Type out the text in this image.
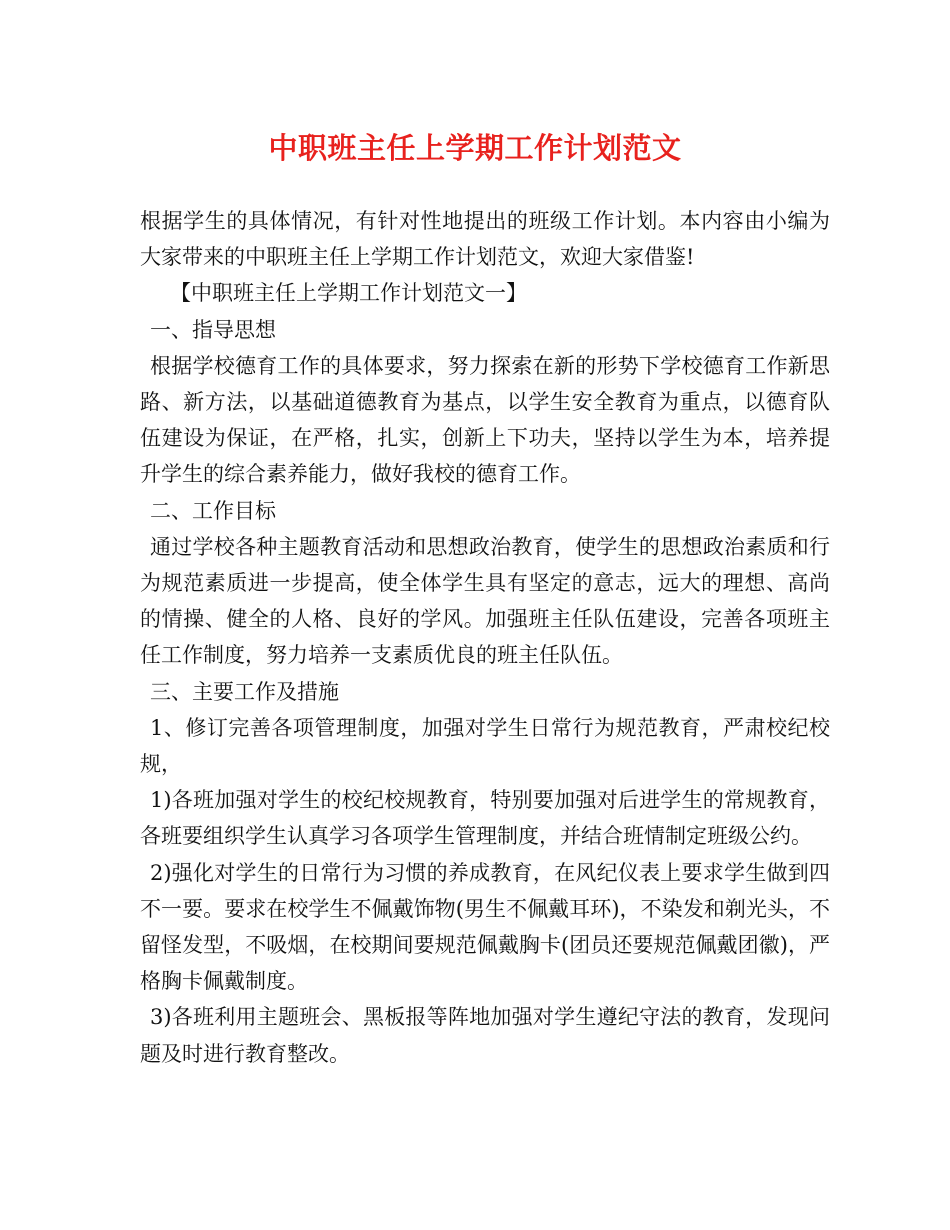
中职班主任上学期工作计划范文

根据学生的具体情况，有针对性地提出的班级工作计划。本内容由小编为大家带来的中职班主任上学期工作计划范文，欢迎大家借鉴!

【中职班主任上学期工作计划范文一】

一、指导思想

根据学校德育工作的具体要求，努力探索在新的形势下学校德育工作新思路、新方法，以基础道德教育为基点，以学生安全教育为重点，以德育队伍建设为保证，在严格，扎实，创新上下功夫，坚持以学生为本，培养提升学生的综合素养能力，做好我校的德育工作。

二、工作目标

通过学校各种主题教育活动和思想政治教育，使学生的思想政治素质和行为规范素质进一步提高，使全体学生具有坚定的意志，远大的理想、高尚的情操、健全的人格、良好的学风。加强班主任队伍建设，完善各项班主任工作制度，努力培养一支素质优良的班主任队伍。

三、主要工作及措施

1、修订完善各项管理制度，加强对学生日常行为规范教育，严肃校纪校规，

1)各班加强对学生的校纪校规教育，特别要加强对后进学生的常规教育，各班要组织学生认真学习各项学生管理制度，并结合班情制定班级公约。

2)强化对学生的日常行为习惯的养成教育，在风纪仪表上要求学生做到四不一要。要求在校学生不佩戴饰物(男生不佩戴耳环)，不染发和剃光头，不留怪发型，不吸烟，在校期间要规范佩戴胸卡(团员还要规范佩戴团徽)，严格胸卡佩戴制度。

3)各班利用主题班会、黑板报等阵地加强对学生遵纪守法的教育，发现问题及时进行教育整改。
